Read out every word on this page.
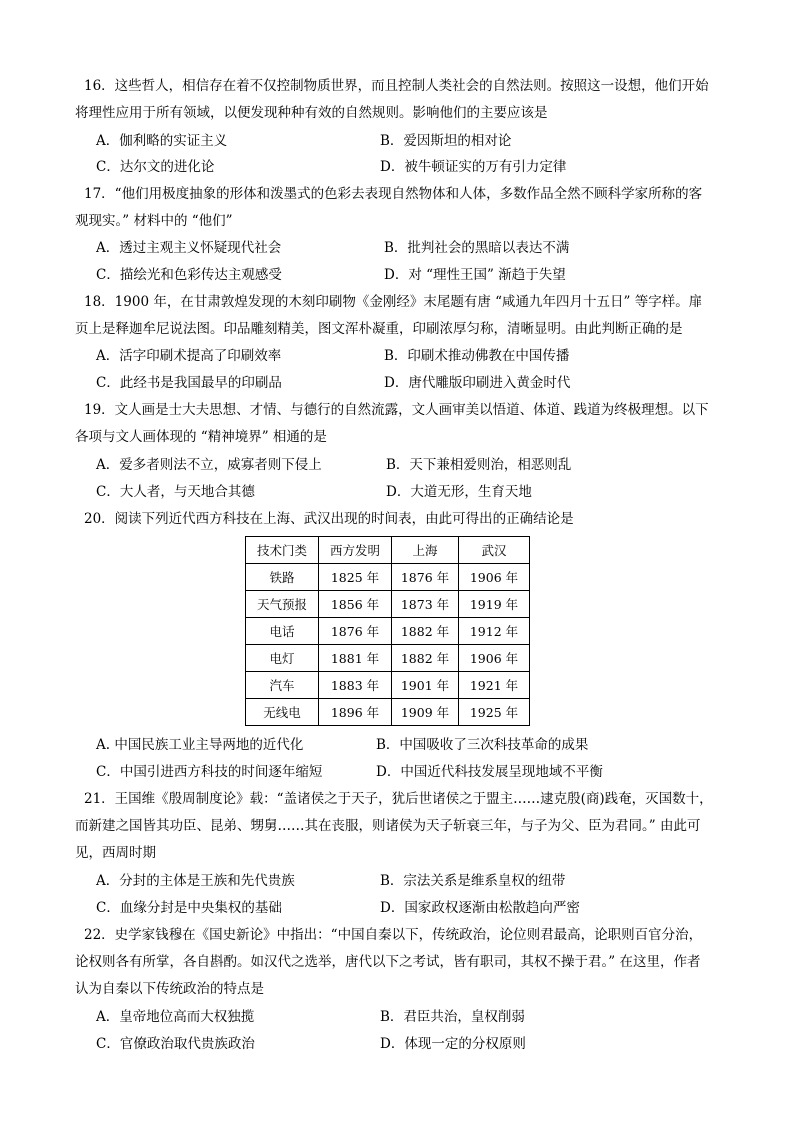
16．这些哲人，相信存在着不仅控制物质世界，而且控制人类社会的自然法则。按照这一设想，他们开始
将理性应用于所有领域，以便发现种种有效的自然规则。影响他们的主要应该是
A．伽利略的实证主义	B．爱因斯坦的相对论
C．达尔文的进化论	D．被牛顿证实的万有引力定律
17．“他们用极度抽象的形体和泼墨式的色彩去表现自然物体和人体，多数作品全然不顾科学家所称的客
观现实。” 材料中的 “他们”
A．透过主观主义怀疑现代社会	B．批判社会的黑暗以表达不满
C．描绘光和色彩传达主观感受	D．对 “理性王国” 渐趋于失望
18．1900 年，在甘肃敦煌发现的木刻印刷物《金刚经》末尾题有唐 “咸通九年四月十五日” 等字样。扉
页上是释迦牟尼说法图。印品雕刻精美，图文浑朴凝重，印刷浓厚匀称，清晰显明。由此判断正确的是
A．活字印刷术提高了印刷效率	B．印刷术推动佛教在中国传播
C．此经书是我国最早的印刷品	D．唐代雕版印刷进入黄金时代
19．文人画是士大夫思想、才情、与德行的自然流露，文人画审美以悟道、体道、践道为终极理想。以下
各项与文人画体现的 “精神境界” 相通的是
A．爱多者则法不立，威寡者则下侵上	B．天下兼相爱则治，相恶则乱
C．大人者，与天地合其德	D．大道无形，生育天地
20．阅读下列近代西方科技在上海、武汉出现的时间表，由此可得出的正确结论是
技术门类	西方发明	上海	武汉
铁路	1825 年	1876 年	1906 年
天气预报	1856 年	1873 年	1919 年
电话	1876 年	1882 年	1912 年
电灯	1881 年	1882 年	1906 年
汽车	1883 年	1901 年	1921 年
无线电	1896 年	1909 年	1925 年
A. 中国民族工业主导两地的近代化	B．中国吸收了三次科技革命的成果
C．中国引进西方科技的时间逐年缩短	D．中国近代科技发展呈现地域不平衡
21．王国维《殷周制度论》载：“盖诸侯之于天子，犹后世诸侯之于盟主……逮克殷(商)践奄，灭国数十，
而新建之国皆其功臣、昆弟、甥舅……其在丧服，则诸侯为天子斩衰三年，与子为父、臣为君同。” 由此可
见，西周时期
A．分封的主体是王族和先代贵族	B．宗法关系是维系皇权的纽带
C．血缘分封是中央集权的基础	D．国家政权逐渐由松散趋向严密
22．史学家钱穆在《国史新论》中指出：“中国自秦以下，传统政治，论位则君最高，论职则百官分治，
论权则各有所掌，各自斟酌。如汉代之选举，唐代以下之考试，皆有职司，其权不操于君。” 在这里，作者
认为自秦以下传统政治的特点是
A．皇帝地位高而大权独揽	B．君臣共治，皇权削弱
C．官僚政治取代贵族政治	D．体现一定的分权原则
